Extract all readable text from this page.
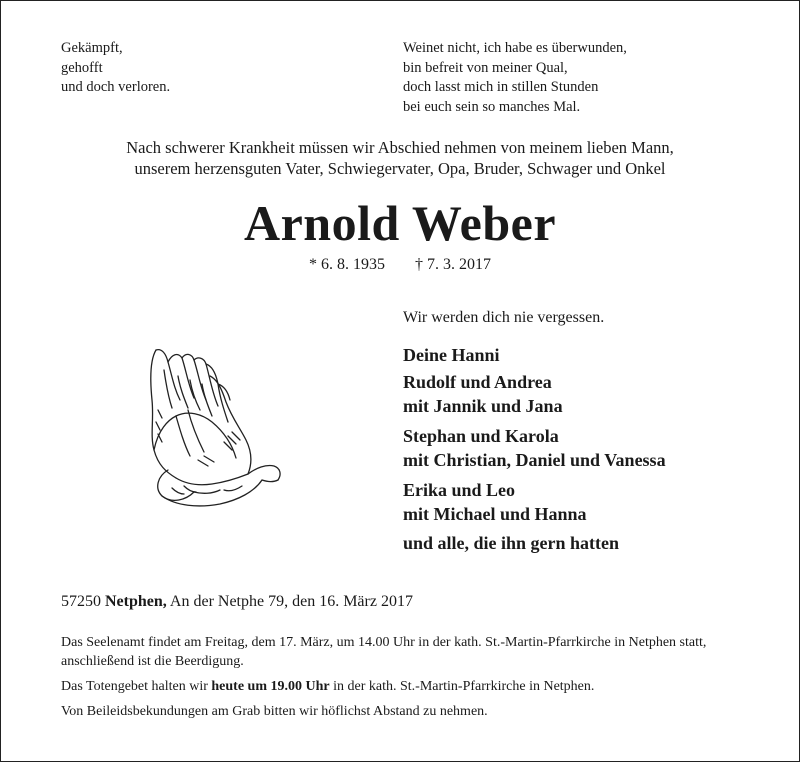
Gekämpft,
gehofft
und doch verloren.
Weinet nicht, ich habe es überwunden,
bin befreit von meiner Qual,
doch lasst mich in stillen Stunden
bei euch sein so manches Mal.
Nach schwerer Krankheit müssen wir Abschied nehmen von meinem lieben Mann,
unserem herzensguten Vater, Schwiegervater, Opa, Bruder, Schwager und Onkel
Arnold Weber
* 6. 8. 1935 † 7. 3. 2017
Wir werden dich nie vergessen.
Deine Hanni
Rudolf und Andrea
mit Jannik und Jana
Stephan und Karola
mit Christian, Daniel und Vanessa
Erika und Leo
mit Michael und Hanna
und alle, die ihn gern hatten
57250 Netphen, An der Netphe 79, den 16. März 2017
Das Seelenamt findet am Freitag, dem 17. März, um 14.00 Uhr in der kath. St.-Martin-Pfarrkirche in Netphen statt, anschließend ist die Beerdigung.
Das Totengebet halten wir heute um 19.00 Uhr in der kath. St.-Martin-Pfarrkirche in Netphen.
Von Beileidsbekundungen am Grab bitten wir höflichst Abstand zu nehmen.
